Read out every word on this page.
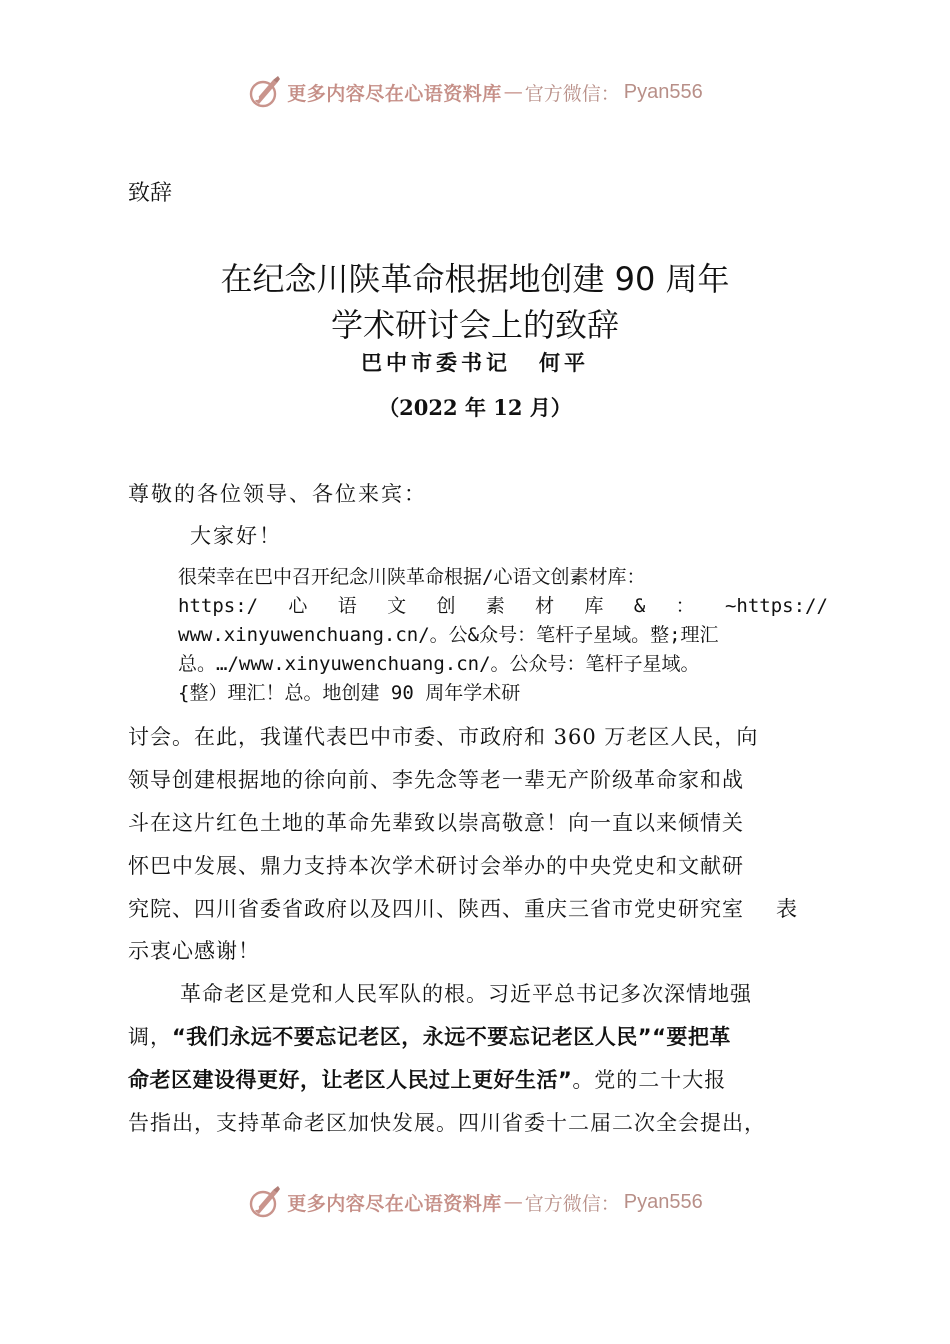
更多内容尽在心语资料库 — 官方微信： Pyan556
致辞
在纪念川陕革命根据地创建 90 周年
学术研讨会上的致辞
巴中市委书记 何平
（2022 年 12 月）
尊敬的各位领导、各位来宾：
大家好！
很荣幸在巴中召开纪念川陕革命根据/心语文创素材库：
https:/ 心 语 文 创 素 材 库 & ： ~https://
www.xinyuwenchuang.cn/。公&众号：笔杆子星域。整;理汇
总。…/www.xinyuwenchuang.cn/。公众号：笔杆子星域。
{整）理汇！总。地创建 90 周年学术研
讨会。在此，我谨代表巴中市委、市政府和 360 万老区人民，向
领导创建根据地的徐向前、李先念等老一辈无产阶级革命家和战
斗在这片红色土地的革命先辈致以崇高敬意！向一直以来倾情关
怀巴中发展、鼎力支持本次学术研讨会举办的中央党史和文献研
究院、四川省委省政府以及四川、陕西、重庆三省市党史研究室 表
示衷心感谢！
革命老区是党和人民军队的根。习近平总书记多次深情地强
调，“我们永远不要忘记老区，永远不要忘记老区人民”“要把革
命老区建设得更好，让老区人民过上更好生活”。党的二十大报
告指出，支持革命老区加快发展。四川省委十二届二次全会提出，
更多内容尽在心语资料库 — 官方微信： Pyan556
